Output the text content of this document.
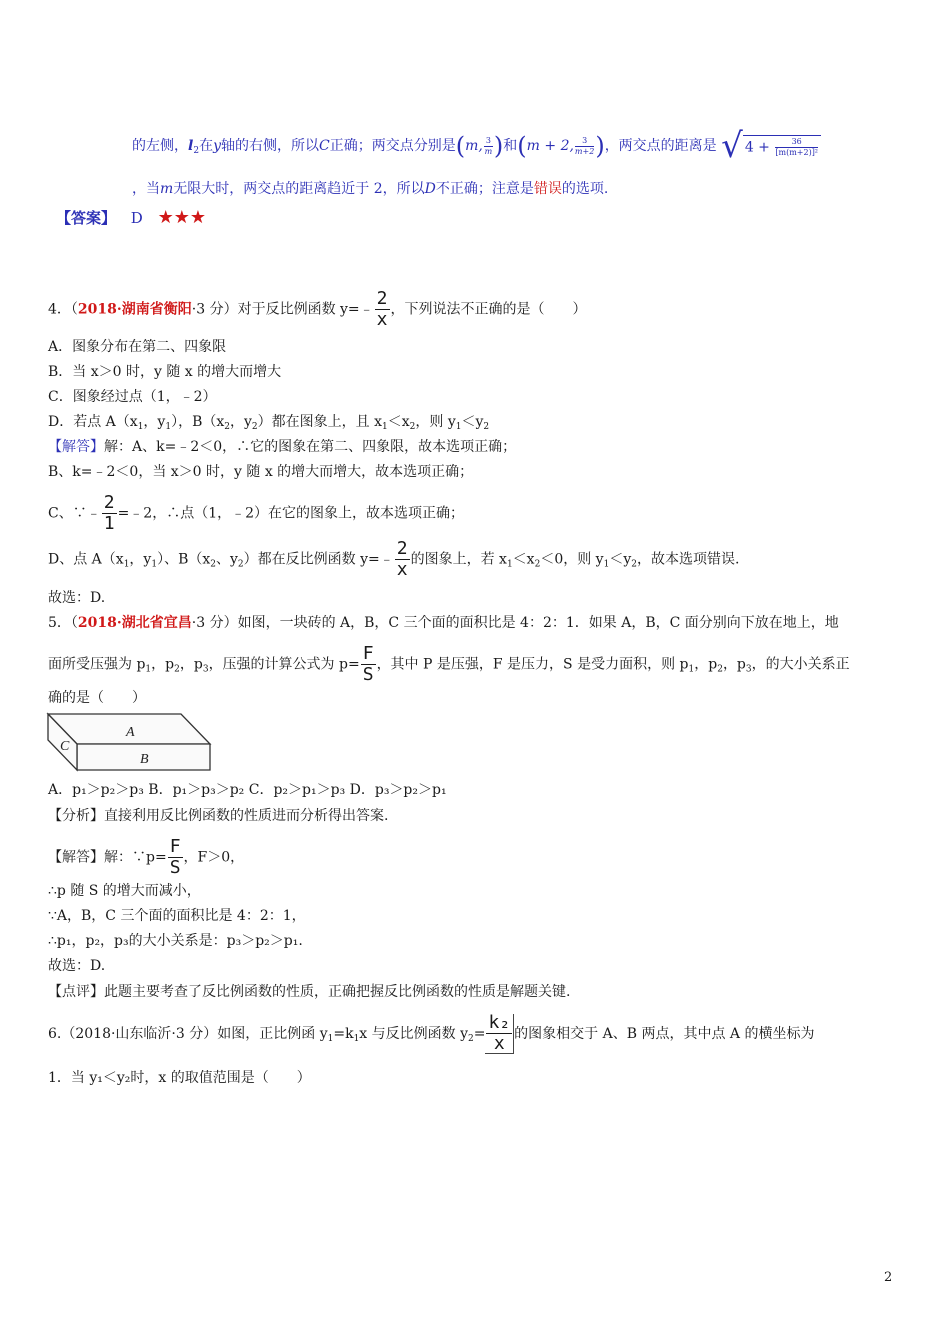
的左侧，$l_2$在y轴的右侧，所以C正确；两交点分别是(m, $\frac{3}{m}$ )和(m + 2, $\frac{3}{m+2}$ )，两交点的距离是 √ $4 + \frac{36}{\text{[m(m+2)]²}}$
，当m无限大时，两交点的距离趋近于 2，所以D不正确；注意是错误的选项.
【答案】 D ★★★
4．（2018·湖南省衡阳·3 分）对于反比例函数 y=﹣ $\frac{2}{x}$ ，下列说法不正确的是（　　）
A．图象分布在第二、四象限
B．当 x＞0 时，y 随 x 的增大而增大
C．图象经过点（1，﹣2）
D．若点 $A(x_1$，$y_1$），$B(x_2$，$y_2$）都在图象上，且 $x_1<x_2$，则 $y_1<y_2$
【解答】解：A、k=﹣2＜0，∴它的图象在第二、四象限，故本选项正确；
B、k=﹣2＜0，当 x＞0 时，y 随 x 的增大而增大，故本选项正确；
C、∵﹣ $\frac{2}{1}$ =﹣2，∴点（1，﹣2）在它的图象上，故本选项正确；
D、点 $A(x_1$，$y_1$）、$B(x_2$、$y_2$）都在反比例函数 y=﹣ $\frac{2}{x}$ 的图象上，若 $x_1<x_2<0$，则 $y_1<y_2$，故本选项错误.
故选：D.
5．（2018·湖北省宜昌·3 分）如图，一块砖的 A，B，C 三个面的面积比是 4：2：1．如果 A，B，C 面分别向下放在地上，地
面所受压强为 $p_1$，$p_2$，$p_3$，压强的计算公式为 $p= \frac{F}{S}$ ，其中 P 是压强，F 是压力，S 是受力面积，则 $p_1$，$p_2$，$p_3$，的大小关系正
确的是（　　）
A
B
C
A．p₁＞p₂＞p₃ B．p₁＞p₃＞p₂ C．p₂＞p₁＞p₃ D．p₃＞p₂＞p₁
【分析】直接利用反比例函数的性质进而分析得出答案.
【解答】解：∵p= $\frac{F}{S}$ ，F＞0，
∴p 随 S 的增大而减小，
∵A，B，C 三个面的面积比是 4：2：1，
∴p₁，p₂，p₃的大小关系是：p₃＞p₂＞p₁.
故选：D.
【点评】此题主要考查了反比例函数的性质，正确把握反比例函数的性质是解题关键.
6.（2018·山东临沂·3 分）如图，正比例函 $y_1=k_1x$ 与反比例函数 $y_2= \frac{\text{k₂}}{x}$ 的图象相交于 A、B 两点，其中点 A 的横坐标为
1．当 y₁＜y₂时，x 的取值范围是（　　）
2
